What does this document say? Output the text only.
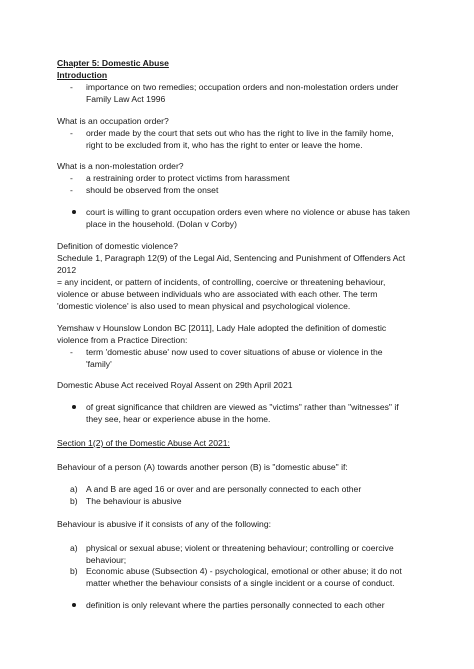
Chapter 5: Domestic Abuse
Introduction
- importance on two remedies; occupation orders and non-molestation orders under
Family Law Act 1996
What is an occupation order?
- order made by the court that sets out who has the right to live in the family home,
right to be excluded from it, who has the right to enter or leave the home.
What is a non-molestation order?
- a restraining order to protect victims from harassment
- should be observed from the onset
court is willing to grant occupation orders even where no violence or abuse has taken
place in the household. (Dolan v Corby)
Definition of domestic violence?
Schedule 1, Paragraph 12(9) of the Legal Aid, Sentencing and Punishment of Offenders Act
2012
= any incident, or pattern of incidents, of controlling, coercive or threatening behaviour,
violence or abuse between individuals who are associated with each other. The term
'domestic violence' is also used to mean physical and psychological violence.
Yemshaw v Hounslow London BC [2011], Lady Hale adopted the definition of domestic
violence from a Practice Direction:
- term 'domestic abuse' now used to cover situations of abuse or violence in the
'family'
Domestic Abuse Act received Royal Assent on 29th April 2021
of great significance that children are viewed as "victims" rather than "witnesses" if
they see, hear or experience abuse in the home.
Section 1(2) of the Domestic Abuse Act 2021:
Behaviour of a person (A) towards another person (B) is "domestic abuse" if:
a) A and B are aged 16 or over and are personally connected to each other
b) The behaviour is abusive
Behaviour is abusive if it consists of any of the following:
a) physical or sexual abuse; violent or threatening behaviour; controlling or coercive
behaviour;
b) Economic abuse (Subsection 4) - psychological, emotional or other abuse; it do not
matter whether the behaviour consists of a single incident or a course of conduct.
definition is only relevant where the parties personally connected to each other
